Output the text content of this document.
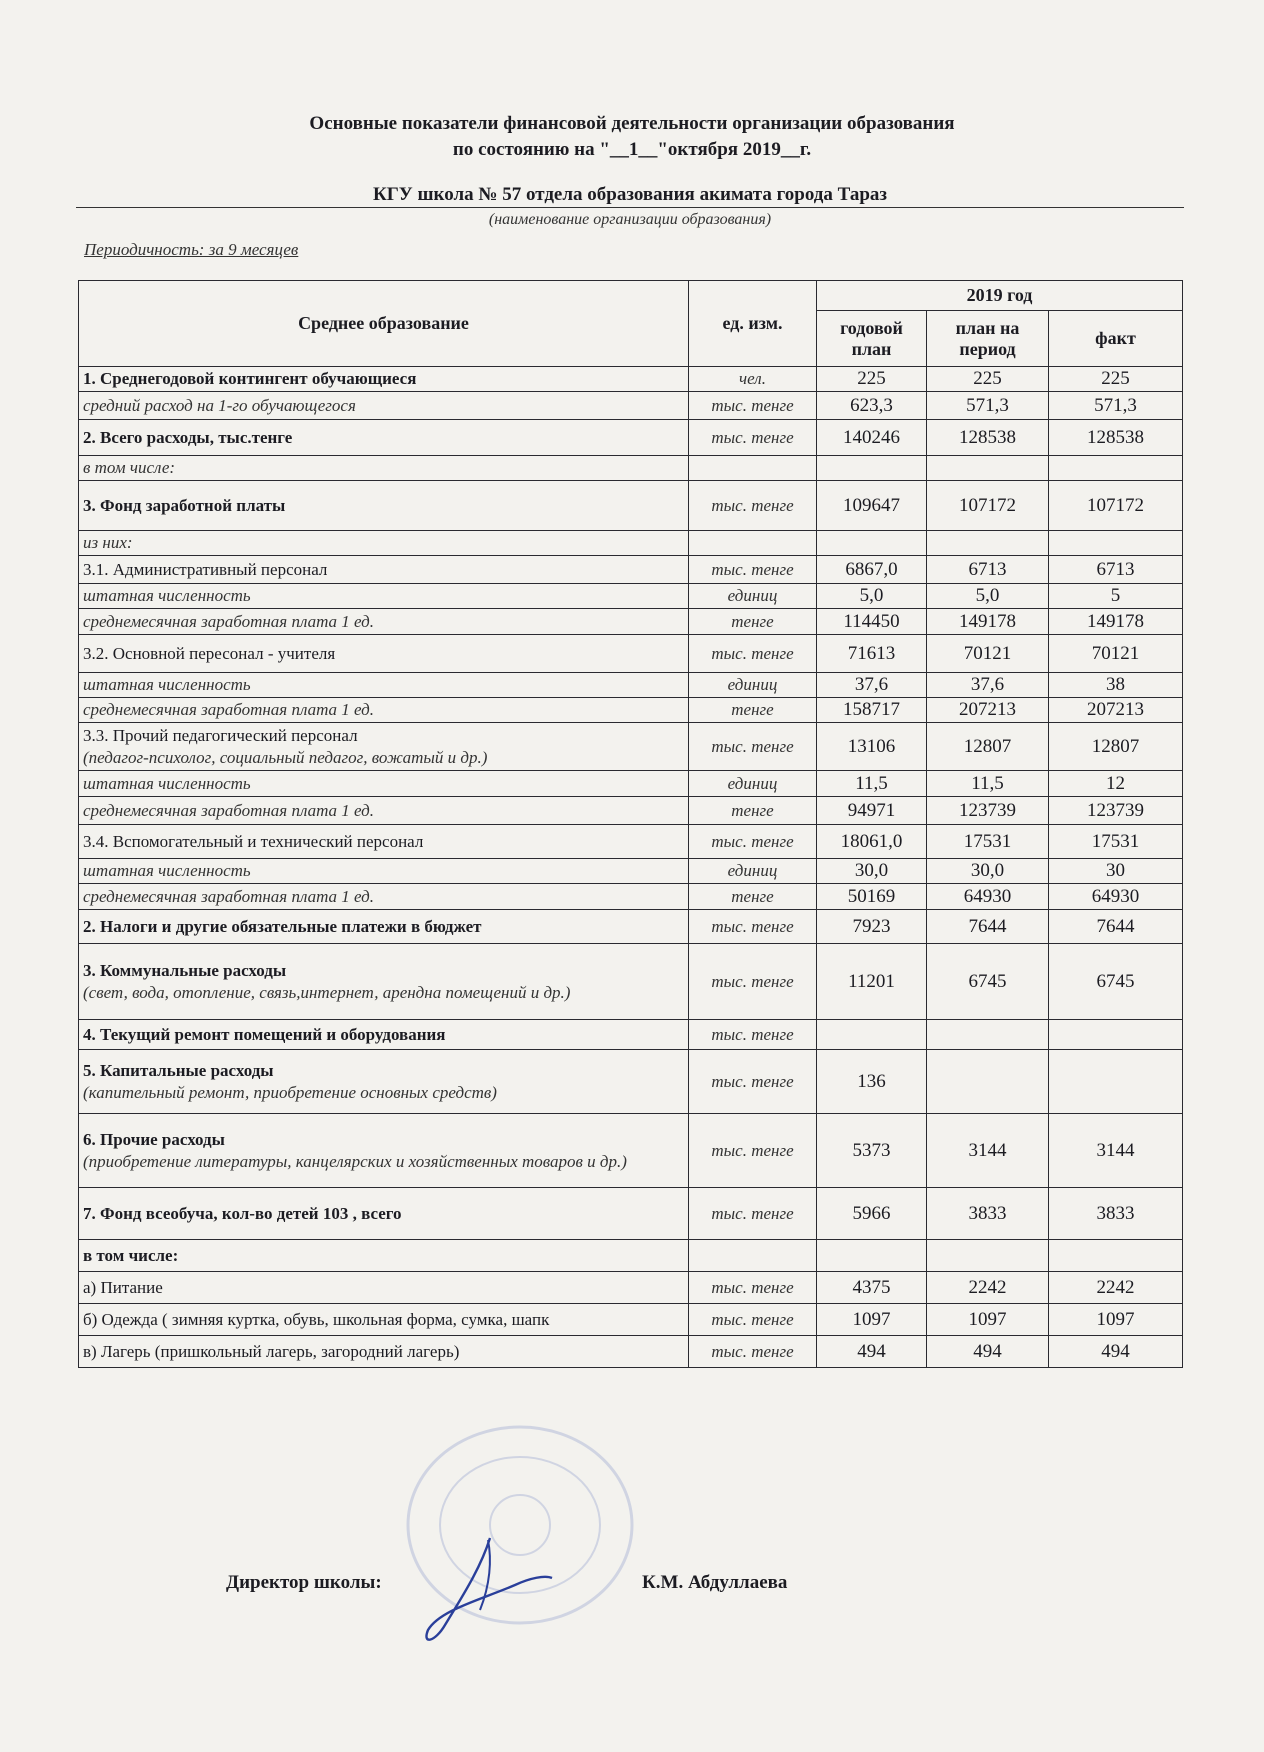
Основные показатели финансовой деятельности организации образования
по состоянию на "__1__"октября 2019__г.
КГУ школа № 57 отдела образования акимата города Тараз
(наименование организации образования)
Периодичность: за 9 месяцев
Среднее образование	ед. изм.	2019 год		
		годовой план	план на период	факт

1. Среднегодовой контингент обучающиеся	чел.	225	225	225

средний расход на 1-го обучающегося	тыс. тенге	623,3	571,3	571,3

2. Всего расходы, тыс.тенге	тыс. тенге	140246	128538	128538

в том числе:				

3. Фонд заработной платы	тыс. тенге	109647	107172	107172

из них:				

3.1. Административный персонал	тыс. тенге	6867,0	6713	6713

штатная численность	единиц	5,0	5,0	5

среднемесячная заработная плата 1 ед.	тенге	114450	149178	149178

3.2. Основной пересонал - учителя	тыс. тенге	71613	70121	70121

штатная численность	единиц	37,6	37,6	38

среднемесячная заработная плата 1 ед.	тенге	158717	207213	207213

3.3. Прочий педагогический персонал
(педагог-психолог, социальный педагог, вожатый и др.)	тыс. тенге	13106	12807	12807

штатная численность	единиц	11,5	11,5	12

среднемесячная заработная плата 1 ед.	тенге	94971	123739	123739

3.4. Вспомогательный и технический персонал	тыс. тенге	18061,0	17531	17531

штатная численность	единиц	30,0	30,0	30

среднемесячная заработная плата 1 ед.	тенге	50169	64930	64930

2. Налоги и другие обязательные платежи в бюджет	тыс. тенге	7923	7644	7644

3. Коммунальные расходы
(свет, вода, отопление, связь,интернет, арендна помещений и др.)	тыс. тенге	11201	6745	6745

4. Текущий ремонт помещений и оборудования	тыс. тенге			

5. Капитальные расходы
(капительный ремонт, приобретение основных средств)	тыс. тенге	136		

6. Прочие расходы
(приобретение литературы, канцелярских и хозяйственных товаров и др.)	тыс. тенге	5373	3144	3144

7. Фонд всеобуча, кол-во детей 103 , всего	тыс. тенге	5966	3833	3833

в том числе:				

а) Питание	тыс. тенге	4375	2242	2242

б) Одежда ( зимняя куртка, обувь, школьная форма, сумка, шапк	тыс. тенге	1097	1097	1097

в) Лагерь (пришкольный лагерь, загородний лагерь)	тыс. тенге	494	494	494
Директор школы:	К.М. Абдуллаева
